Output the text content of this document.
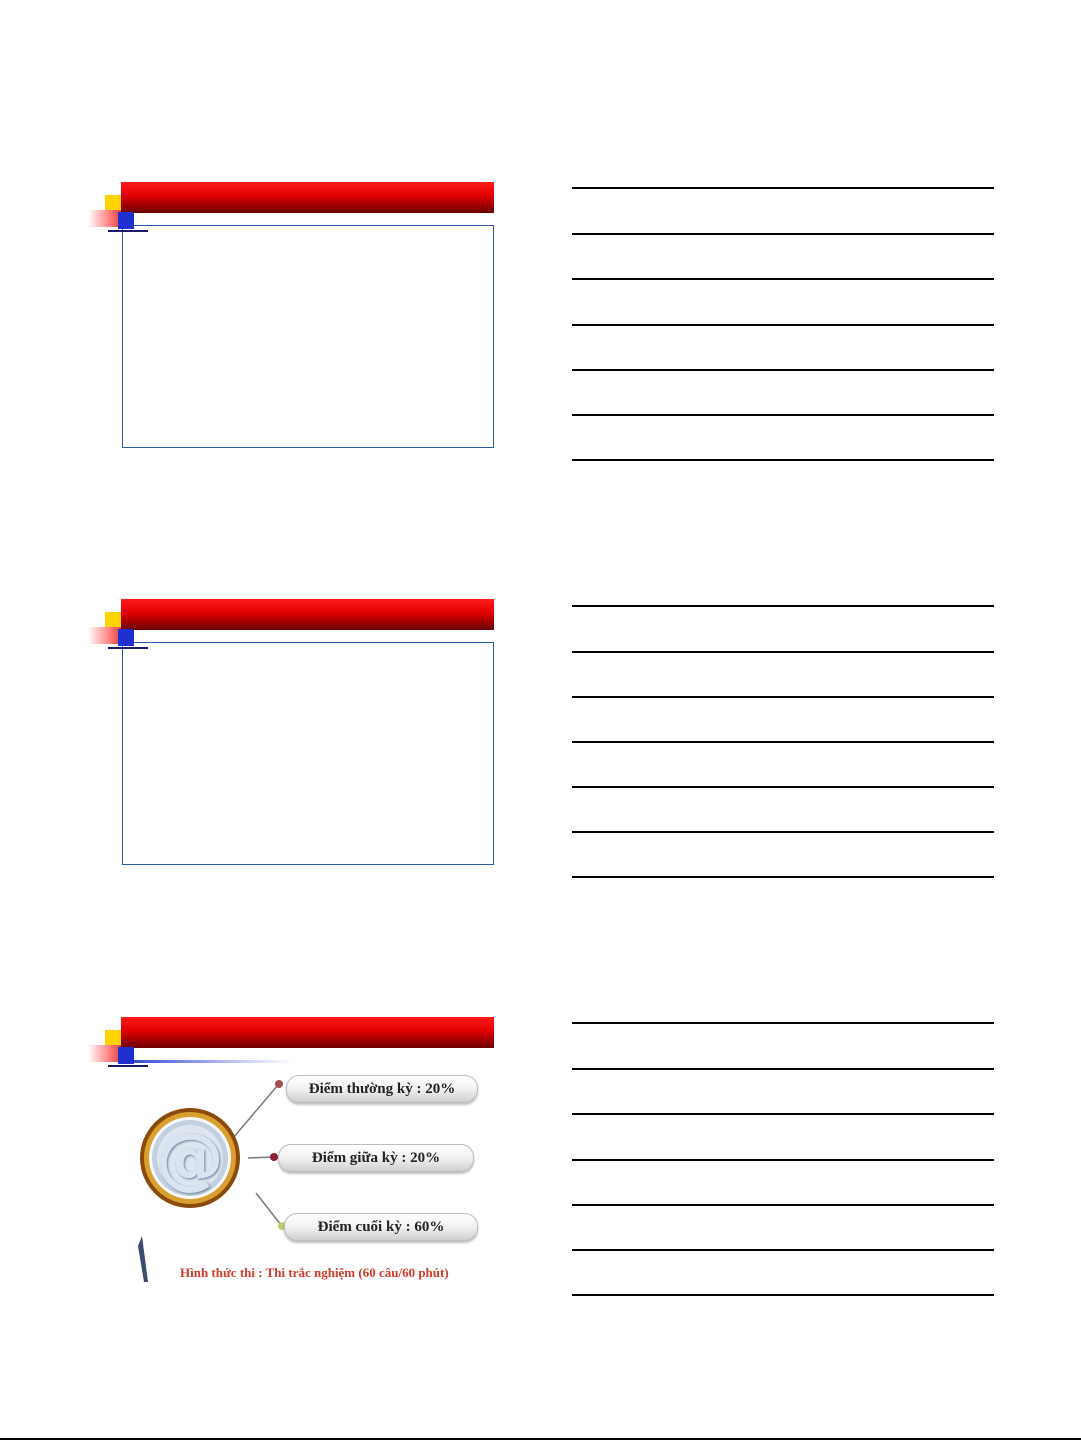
@
Điểm thường kỳ : 20%
Điểm giữa kỳ : 20%
Điểm cuối kỳ : 60%
Hình thức thi : Thi trắc nghiệm (60 câu/60 phút)
